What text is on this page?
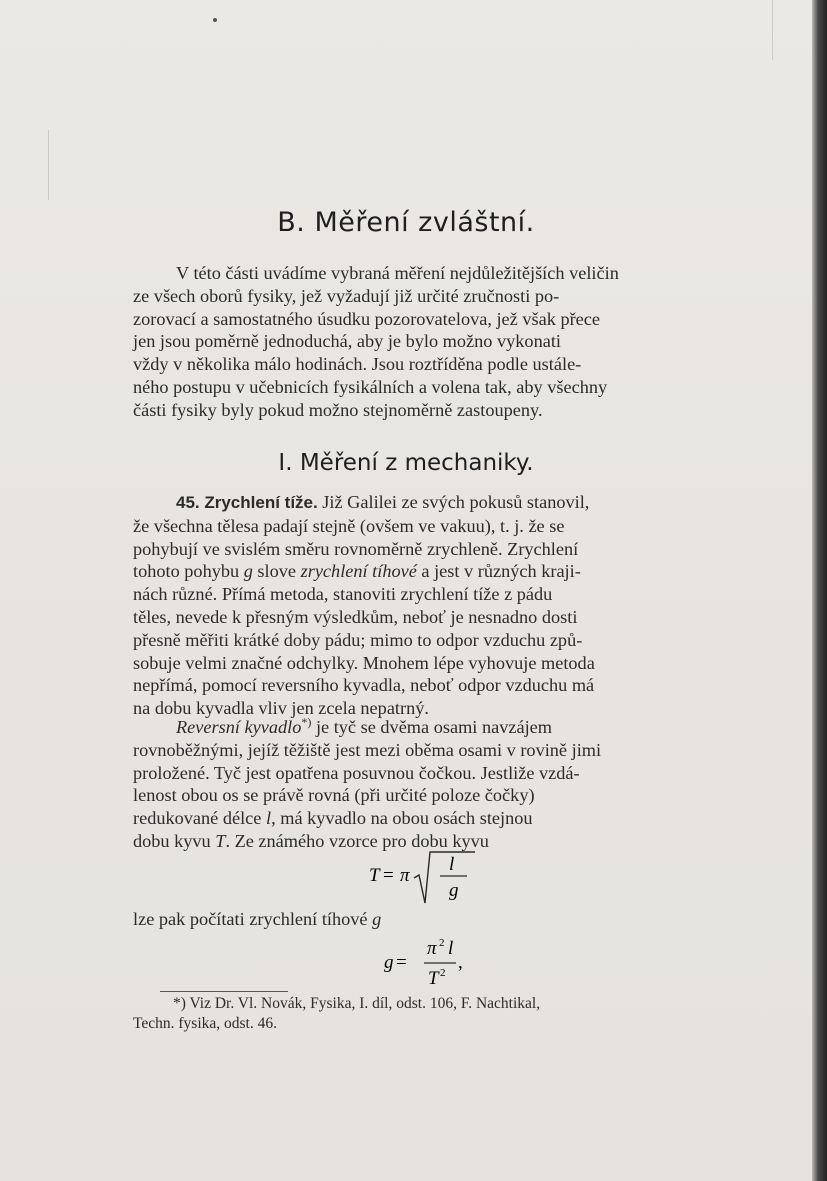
B. Měření zvláštní.
V této části uvádíme vybraná měření nejdůležitějších veličin
ze všech oborů fysiky, jež vyžadují již určité zručnosti po-
zorovací a samostatného úsudku pozorovatelova, jež však přece
jen jsou poměrně jednoduchá, aby je bylo možno vykonati
vždy v několika málo hodinách. Jsou roztříděna podle ustále-
ného postupu v učebnicích fysikálních a volena tak, aby všechny
části fysiky byly pokud možno stejnoměrně zastoupeny.
I. Měření z mechaniky.
45. Zrychlení tíže. Již Galilei ze svých pokusů stanovil,
že všechna tělesa padají stejně (ovšem ve vakuu), t. j. že se
pohybují ve svislém směru rovnoměrně zrychleně. Zrychlení
tohoto pohybu g slove zrychlení tíhové a jest v různých kraji-
nách různé. Přímá metoda, stanoviti zrychlení tíže z pádu
těles, nevede k přesným výsledkům, neboť je nesnadno dosti
přesně měřiti krátké doby pádu; mimo to odpor vzduchu způ-
sobuje velmi značné odchylky. Mnohem lépe vyhovuje metoda
nepřímá, pomocí reversního kyvadla, neboť odpor vzduchu má
na dobu kyvadla vliv jen zcela nepatrný.
Reversní kyvadlo*) je tyč se dvěma osami navzájem
rovnoběžnými, jejíž těžiště jest mezi oběma osami v rovině jimi
proložené. Tyč jest opatřena posuvnou čočkou. Jestliže vzdá-
lenost obou os se právě rovná (při určité poloze čočky)
redukované délce l, má kyvadlo na obou osách stejnou
dobu kyvu T. Ze známého vzorce pro dobu kyvu
T = π
l
g
lze pak počítati zrychlení tíhové g
g =
π 2 l
T 2 ,
*) Viz Dr. Vl. Novák, Fysika, I. díl, odst. 106, F. Nachtikal,
Techn. fysika, odst. 46.
